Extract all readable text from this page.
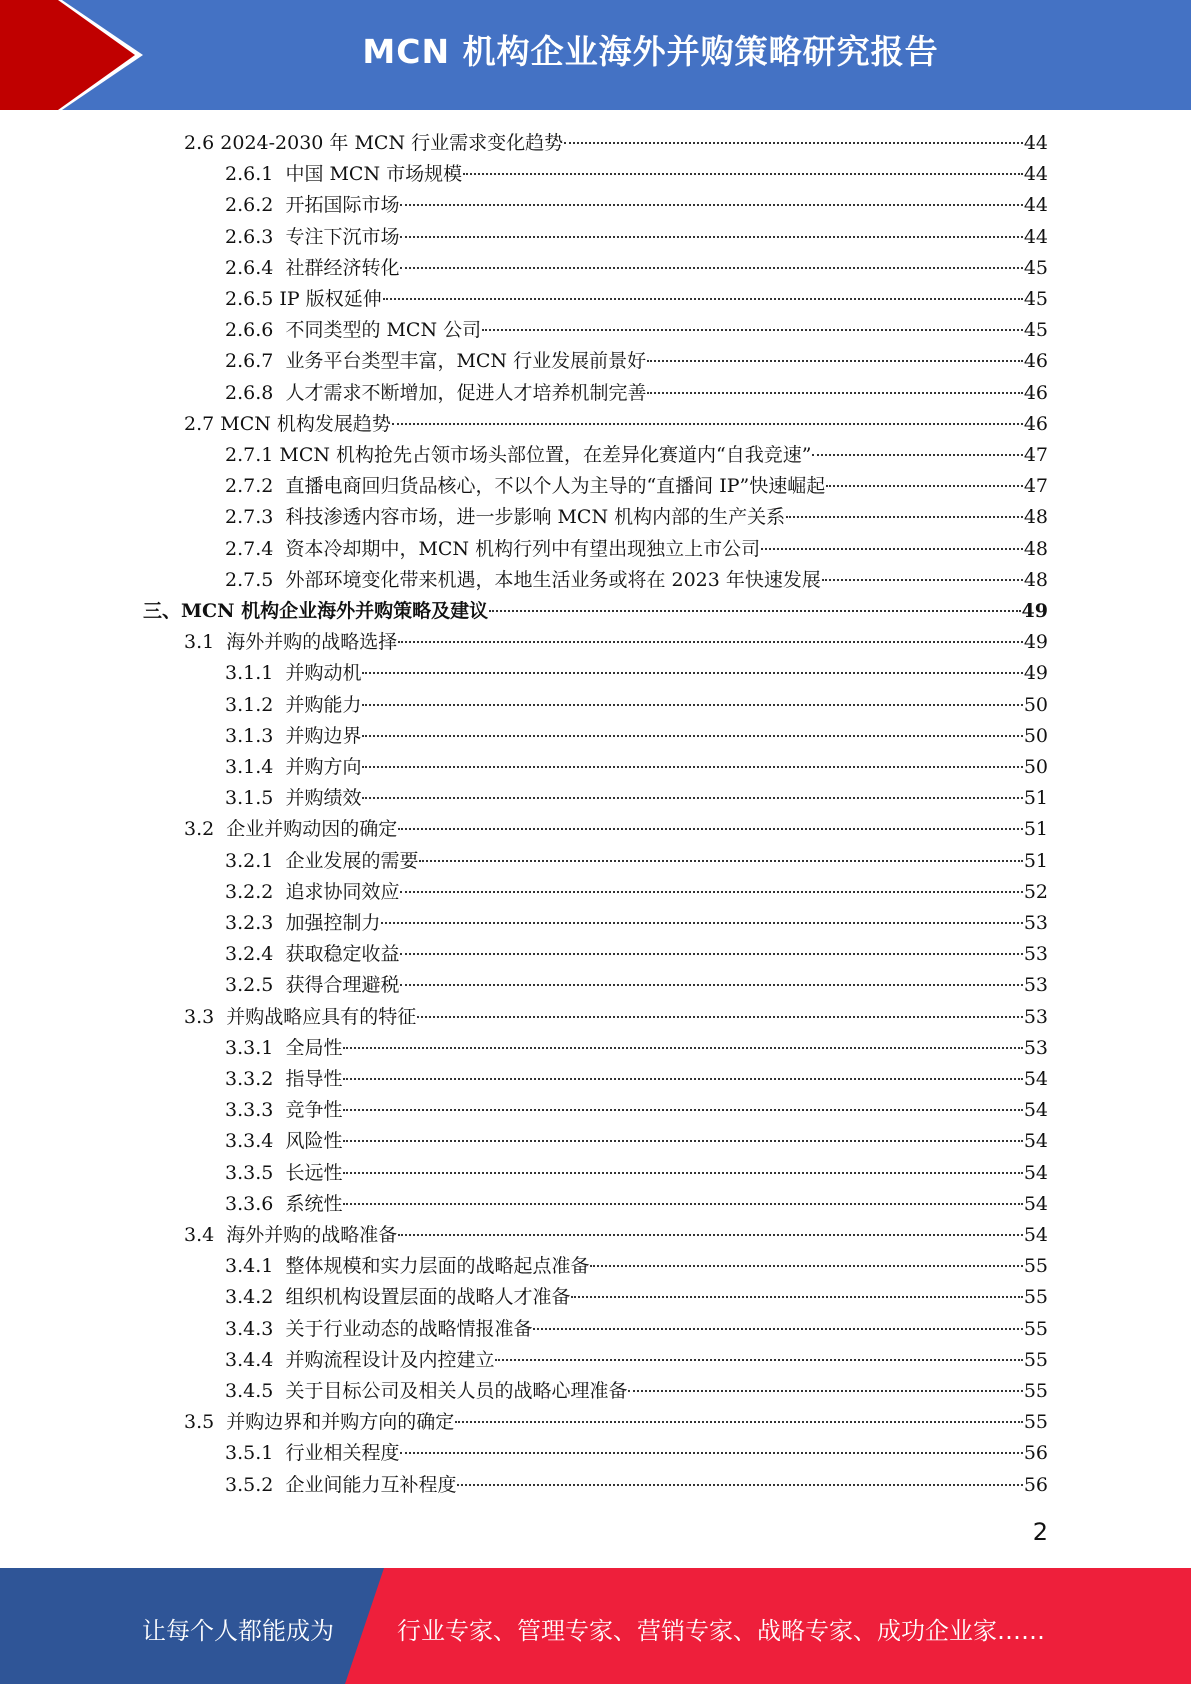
MCN 机构企业海外并购策略研究报告
2.6 2024-2030 年 MCN 行业需求变化趋势	44
2.6.1 中国 MCN 市场规模	44
2.6.2 开拓国际市场	44
2.6.3 专注下沉市场	44
2.6.4 社群经济转化	45
2.6.5 IP 版权延伸	45
2.6.6 不同类型的 MCN 公司	45
2.6.7 业务平台类型丰富，MCN 行业发展前景好	46
2.6.8 人才需求不断增加，促进人才培养机制完善	46
2.7 MCN 机构发展趋势	46
2.7.1 MCN 机构抢先占领市场头部位置，在差异化赛道内“自我竞速”	47
2.7.2 直播电商回归货品核心，不以个人为主导的“直播间 IP”快速崛起	47
2.7.3 科技渗透内容市场，进一步影响 MCN 机构内部的生产关系	48
2.7.4 资本冷却期中，MCN 机构行列中有望出现独立上市公司	48
2.7.5 外部环境变化带来机遇，本地生活业务或将在 2023 年快速发展	48
三、 MCN 机构企业海外并购策略及建议	49
3.1 海外并购的战略选择	49
3.1.1 并购动机	49
3.1.2 并购能力	50
3.1.3 并购边界	50
3.1.4 并购方向	50
3.1.5 并购绩效	51
3.2 企业并购动因的确定	51
3.2.1 企业发展的需要	51
3.2.2 追求协同效应	52
3.2.3 加强控制力	53
3.2.4 获取稳定收益	53
3.2.5 获得合理避税	53
3.3 并购战略应具有的特征	53
3.3.1 全局性	53
3.3.2 指导性	54
3.3.3 竞争性	54
3.3.4 风险性	54
3.3.5 长远性	54
3.3.6 系统性	54
3.4 海外并购的战略准备	54
3.4.1 整体规模和实力层面的战略起点准备	55
3.4.2 组织机构设置层面的战略人才准备	55
3.4.3 关于行业动态的战略情报准备	55
3.4.4 并购流程设计及内控建立	55
3.4.5 关于目标公司及相关人员的战略心理准备	55
3.5 并购边界和并购方向的确定	55
3.5.1 行业相关程度	56
3.5.2 企业间能力互补程度	56
2
让每个人都能成为	行业专家、管理专家、营销专家、战略专家、成功企业家……
